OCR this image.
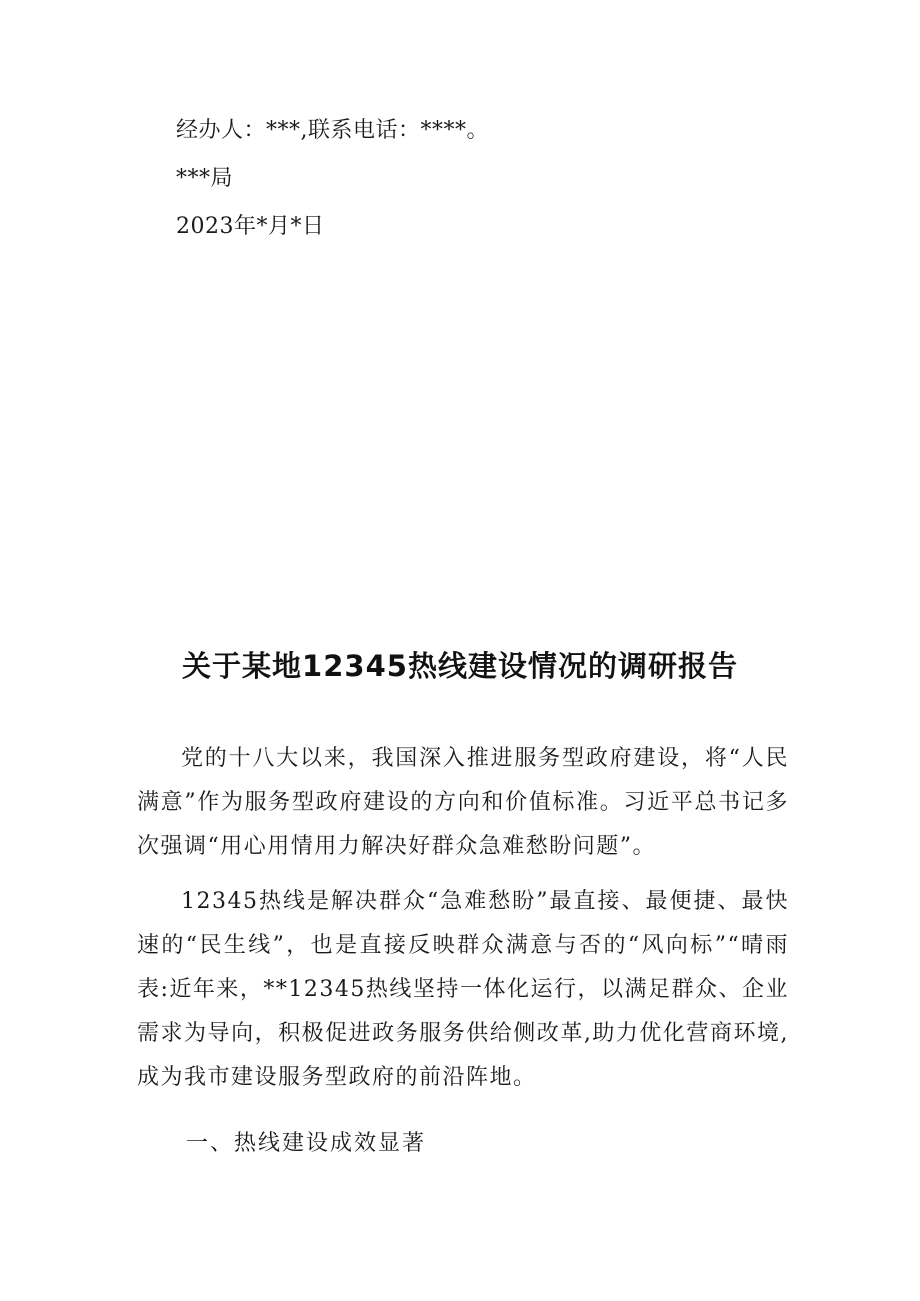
经办人：***,联系电话：****。
***局
2023年*月*日
关于某地12345热线建设情况的调研报告
党的十八大以来，我国深入推进服务型政府建设，将“人民满意”作为服务型政府建设的方向和价值标准。习近平总书记多次强调“用心用情用力解决好群众急难愁盼问题”。
12345热线是解决群众“急难愁盼”最直接、最便捷、最快速的“民生线”，也是直接反映群众满意与否的“风向标”“晴雨表:近年来，**12345热线坚持一体化运行，以满足群众、企业需求为导向，积极促进政务服务供给侧改革,助力优化营商环境,成为我市建设服务型政府的前沿阵地。
一、热线建设成效显著
